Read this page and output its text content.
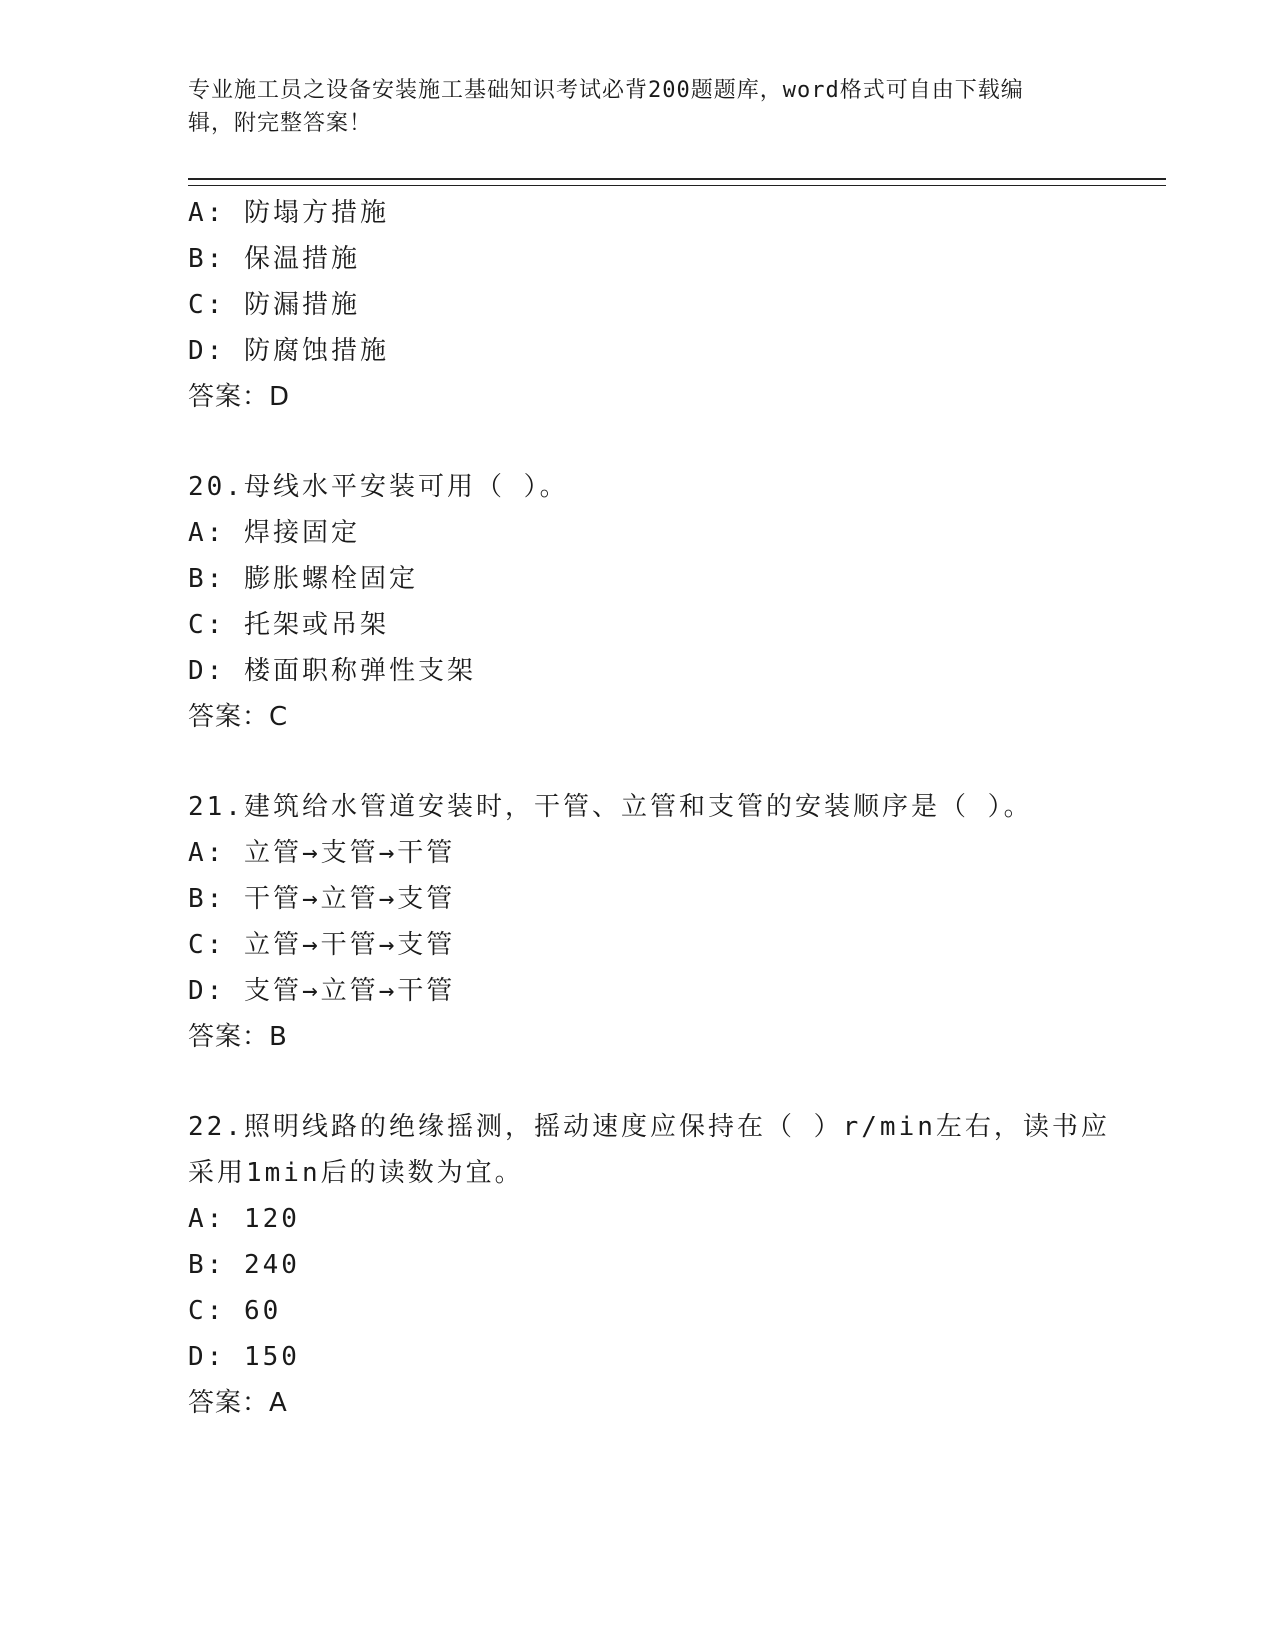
专业施工员之设备安装施工基础知识考试必背200题题库，word格式可自由下载编辑，附完整答案！
A: 防塌方措施
B: 保温措施
C: 防漏措施
D: 防腐蚀措施
答案：D
20.母线水平安装可用（ ）。
A: 焊接固定
B: 膨胀螺栓固定
C: 托架或吊架
D: 楼面职称弹性支架
答案：C
21.建筑给水管道安装时，干管、立管和支管的安装顺序是（ ）。
A: 立管→支管→干管
B: 干管→立管→支管
C: 立管→干管→支管
D: 支管→立管→干管
答案：B
22.照明线路的绝缘摇测，摇动速度应保持在（ ）r/min左右，读书应
采用1min后的读数为宜。
A: 120
B: 240
C: 60
D: 150
答案：A
